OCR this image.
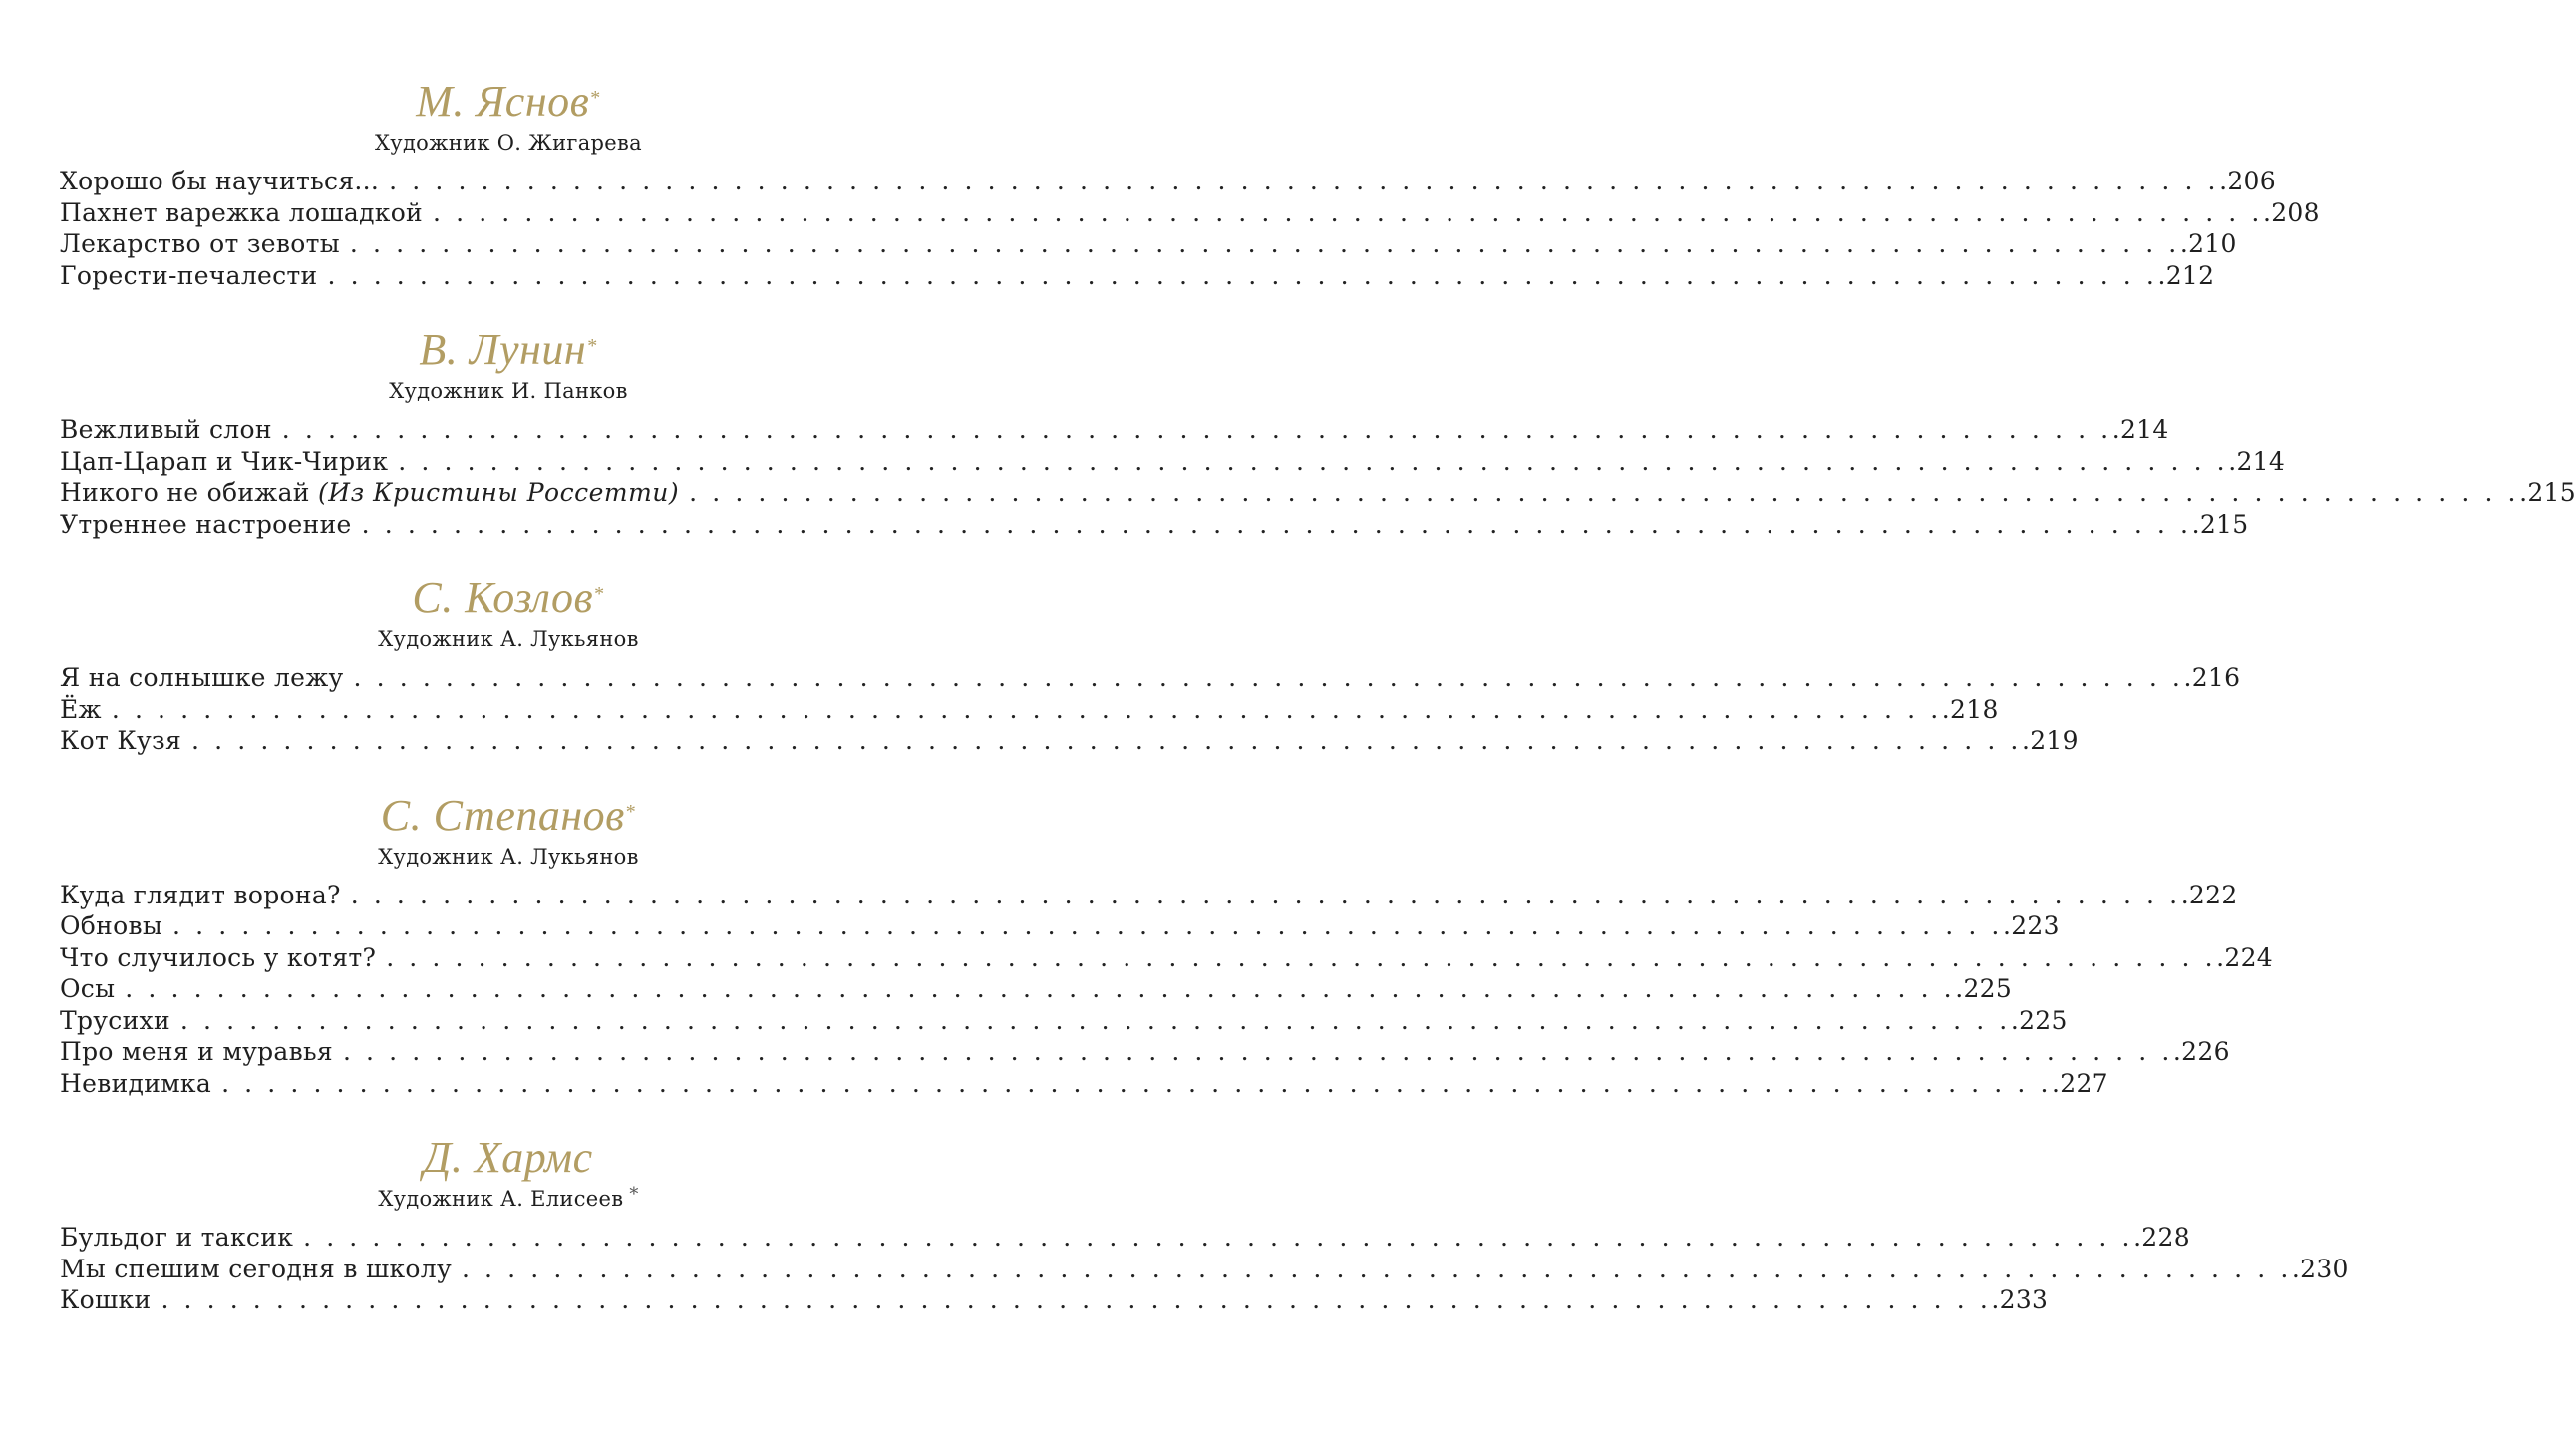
М. Яснов*
Художник О. Жигарева
Хорошо бы научиться... . . . . . . . . . . . . . . . . . . . . . . . . . . . . . . . . . . . . . . . . . . . . . . . . . . . . . . . . . . . . . . . . . . . . . . . . . . . . . . . . .206
Пахнет варежка лошадкой . . . . . . . . . . . . . . . . . . . . . . . . . . . . . . . . . . . . . . . . . . . . . . . . . . . . . . . . . . . . . . . . . . . . . . . . . . . . . . . . .208
Лекарство от зевоты . . . . . . . . . . . . . . . . . . . . . . . . . . . . . . . . . . . . . . . . . . . . . . . . . . . . . . . . . . . . . . . . . . . . . . . . . . . . . . . . .210
Горести-печалести . . . . . . . . . . . . . . . . . . . . . . . . . . . . . . . . . . . . . . . . . . . . . . . . . . . . . . . . . . . . . . . . . . . . . . . . . . . . . . . . .212
В. Лунин*
Художник И. Панков
Вежливый слон . . . . . . . . . . . . . . . . . . . . . . . . . . . . . . . . . . . . . . . . . . . . . . . . . . . . . . . . . . . . . . . . . . . . . . . . . . . . . . . . .214
Цап-Царап и Чик-Чирик . . . . . . . . . . . . . . . . . . . . . . . . . . . . . . . . . . . . . . . . . . . . . . . . . . . . . . . . . . . . . . . . . . . . . . . . . . . . . . . . .214
Никого не обижай (Из Кристины Россетти) . . . . . . . . . . . . . . . . . . . . . . . . . . . . . . . . . . . . . . . . . . . . . . . . . . . . . . . . . . . . . . . . . . . . . . . . . . . . . . . . .215
Утреннее настроение . . . . . . . . . . . . . . . . . . . . . . . . . . . . . . . . . . . . . . . . . . . . . . . . . . . . . . . . . . . . . . . . . . . . . . . . . . . . . . . . .215
С. Козлов*
Художник А. Лукьянов
Я на солнышке лежу . . . . . . . . . . . . . . . . . . . . . . . . . . . . . . . . . . . . . . . . . . . . . . . . . . . . . . . . . . . . . . . . . . . . . . . . . . . . . . . . .216
Ёж . . . . . . . . . . . . . . . . . . . . . . . . . . . . . . . . . . . . . . . . . . . . . . . . . . . . . . . . . . . . . . . . . . . . . . . . . . . . . . . . .218
Кот Кузя . . . . . . . . . . . . . . . . . . . . . . . . . . . . . . . . . . . . . . . . . . . . . . . . . . . . . . . . . . . . . . . . . . . . . . . . . . . . . . . . .219
С. Степанов*
Художник А. Лукьянов
Куда глядит ворона? . . . . . . . . . . . . . . . . . . . . . . . . . . . . . . . . . . . . . . . . . . . . . . . . . . . . . . . . . . . . . . . . . . . . . . . . . . . . . . . . .222
Обновы . . . . . . . . . . . . . . . . . . . . . . . . . . . . . . . . . . . . . . . . . . . . . . . . . . . . . . . . . . . . . . . . . . . . . . . . . . . . . . . . .223
Что случилось у котят? . . . . . . . . . . . . . . . . . . . . . . . . . . . . . . . . . . . . . . . . . . . . . . . . . . . . . . . . . . . . . . . . . . . . . . . . . . . . . . . . .224
Осы . . . . . . . . . . . . . . . . . . . . . . . . . . . . . . . . . . . . . . . . . . . . . . . . . . . . . . . . . . . . . . . . . . . . . . . . . . . . . . . . .225
Трусихи . . . . . . . . . . . . . . . . . . . . . . . . . . . . . . . . . . . . . . . . . . . . . . . . . . . . . . . . . . . . . . . . . . . . . . . . . . . . . . . . .225
Про меня и муравья . . . . . . . . . . . . . . . . . . . . . . . . . . . . . . . . . . . . . . . . . . . . . . . . . . . . . . . . . . . . . . . . . . . . . . . . . . . . . . . . .226
Невидимка . . . . . . . . . . . . . . . . . . . . . . . . . . . . . . . . . . . . . . . . . . . . . . . . . . . . . . . . . . . . . . . . . . . . . . . . . . . . . . . . .227
Д. Хармс
Художник А. Елисеев *
Бульдог и таксик . . . . . . . . . . . . . . . . . . . . . . . . . . . . . . . . . . . . . . . . . . . . . . . . . . . . . . . . . . . . . . . . . . . . . . . . . . . . . . . . .228
Мы спешим сегодня в школу . . . . . . . . . . . . . . . . . . . . . . . . . . . . . . . . . . . . . . . . . . . . . . . . . . . . . . . . . . . . . . . . . . . . . . . . . . . . . . . . .230
Кошки . . . . . . . . . . . . . . . . . . . . . . . . . . . . . . . . . . . . . . . . . . . . . . . . . . . . . . . . . . . . . . . . . . . . . . . . . . . . . . . . .233
